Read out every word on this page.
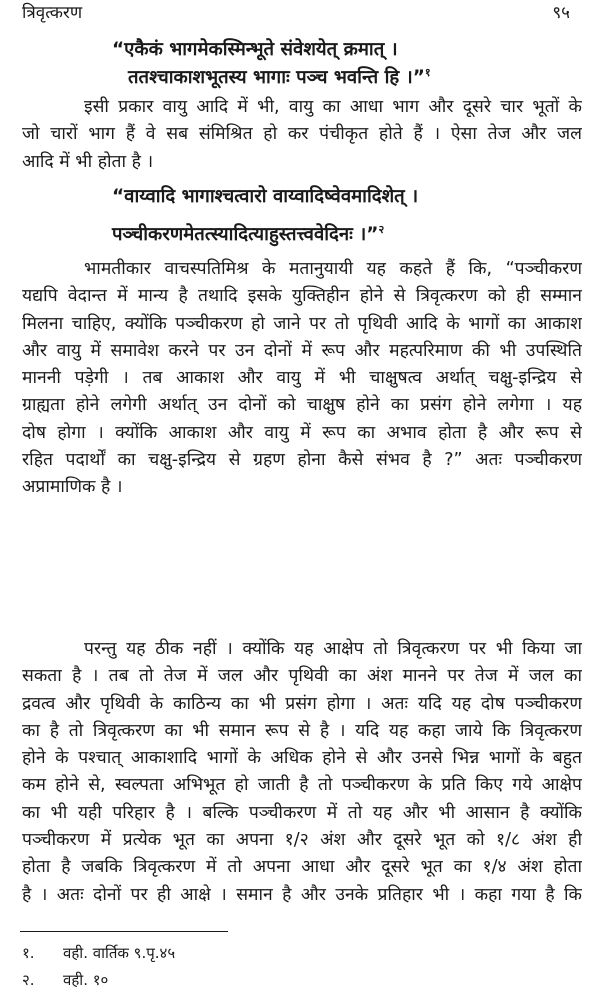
त्रिवृत्करण	९५
“एकैकं भागमेकस्मिन्भूते संवेशयेत् क्रमात् ।
ततश्चाकाशभूतस्य भागाः पञ्च भवन्ति हि ।”$^१$
इसी प्रकार वायु आदि में भी, वायु का आधा भाग और दूसरे चार भूतों के
जो चारों भाग हैं वे सब संमिश्रित हो कर पंचीकृत होते हैं । ऐसा तेज और जल
आदि में भी होता है ।
“वाय्वादि भागाश्चत्वारो वाय्वादिष्वेवमादिशेत् ।
पञ्चीकरणमेतत्स्यादित्याहुस्तत्त्ववेदिनः ।”$^२$
भामतीकार वाचस्पतिमिश्र के मतानुयायी यह कहते हैं कि, “पञ्चीकरण
यद्यपि वेदान्त में मान्य है तथादि इसके युक्तिहीन होने से त्रिवृत्करण को ही सम्मान
मिलना चाहिए, क्योंकि पञ्चीकरण हो जाने पर तो पृथिवी आदि के भागों का आकाश
और वायु में समावेश करने पर उन दोनों में रूप और महत्परिमाण की भी उपस्थिति
माननी पड़ेगी । तब आकाश और वायु में भी चाक्षुषत्व अर्थात् चक्षु-इन्द्रिय से
ग्राह्यता होने लगेगी अर्थात् उन दोनों को चाक्षुष होने का प्रसंग होने लगेगा । यह
दोष होगा । क्योंकि आकाश और वायु में रूप का अभाव होता है और रूप से
रहित पदार्थों का चक्षु-इन्द्रिय से ग्रहण होना कैसे संभव है ?” अतः पञ्चीकरण
अप्रामाणिक है ।
परन्तु यह ठीक नहीं । क्योंकि यह आक्षेप तो त्रिवृत्करण पर भी किया जा
सकता है । तब तो तेज में जल और पृथिवी का अंश मानने पर तेज में जल का
द्रवत्व और पृथिवी के काठिन्य का भी प्रसंग होगा । अतः यदि यह दोष पञ्चीकरण
का है तो त्रिवृत्करण का भी समान रूप से है । यदि यह कहा जाये कि त्रिवृत्करण
होने के पश्चात् आकाशादि भागों के अधिक होने से और उनसे भिन्न भागों के बहुत
कम होने से, स्वल्पता अभिभूत हो जाती है तो पञ्चीकरण के प्रति किए गये आक्षेप
का भी यही परिहार है । बल्कि पञ्चीकरण में तो यह और भी आसान है क्योंकि
पञ्चीकरण में प्रत्येक भूत का अपना १/२ अंश और दूसरे भूत को १/८ अंश ही
होता है जबकि त्रिवृत्करण में तो अपना आधा और दूसरे भूत का १/४ अंश होता
है । अतः दोनों पर ही आक्षे । समान है और उनके प्रतिहार भी । कहा गया है कि
१. वही. वार्तिक ९.पृ.४५
२. वही. १०
